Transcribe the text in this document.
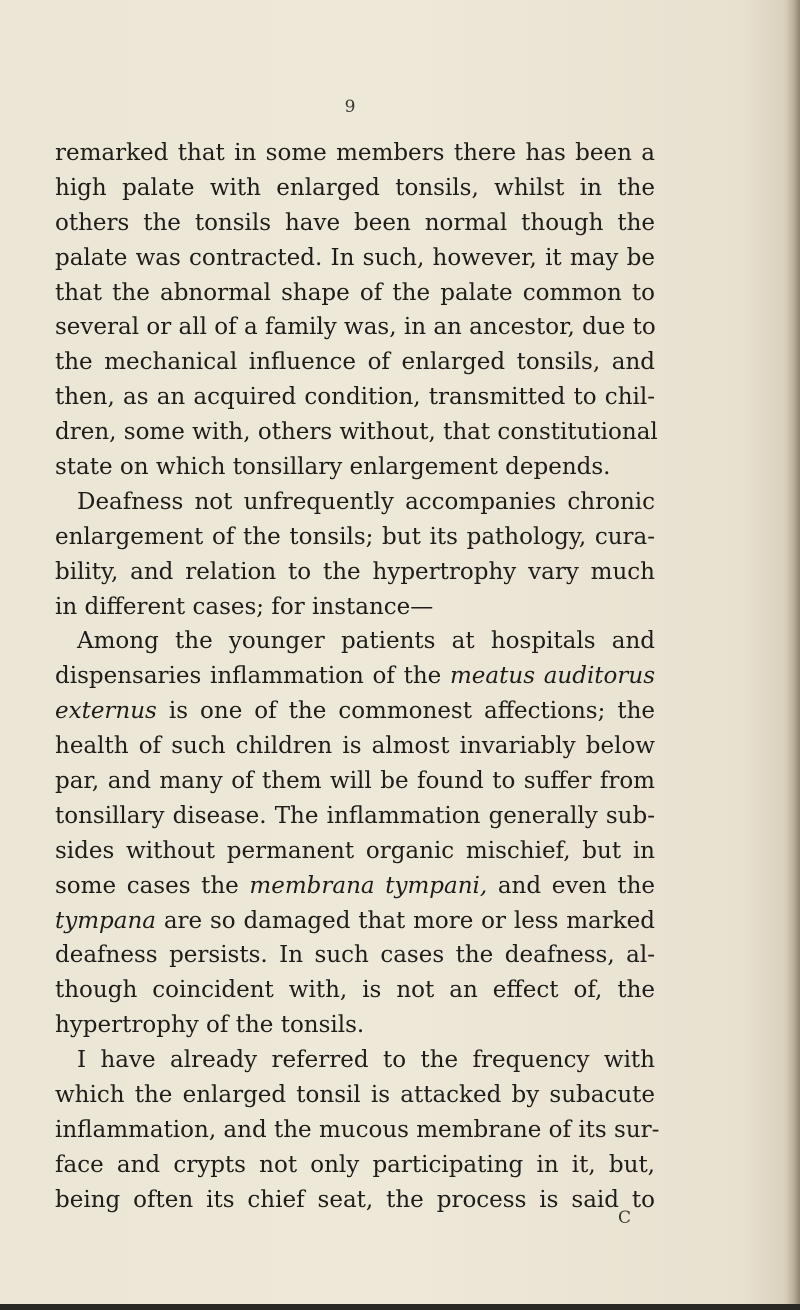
9
remarked that in some members there has been a
high palate with enlarged tonsils, whilst in the
others the tonsils have been normal though the
palate was contracted. In such, however, it may be
that the abnormal shape of the palate common to
several or all of a family was, in an ancestor, due to
the mechanical influence of enlarged tonsils, and
then, as an acquired condition, transmitted to chil-
dren, some with, others without, that constitutional
state on which tonsillary enlargement depends.
Deafness not unfrequently accompanies chronic
enlargement of the tonsils; but its pathology, cura-
bility, and relation to the hypertrophy vary much
in different cases; for instance—
Among the younger patients at hospitals and
dispensaries inflammation of the meatus auditorus
externus is one of the commonest affections; the
health of such children is almost invariably below
par, and many of them will be found to suffer from
tonsillary disease. The inflammation generally sub-
sides without permanent organic mischief, but in
some cases the membrana tympani, and even the
tympana are so damaged that more or less marked
deafness persists. In such cases the deafness, al-
though coincident with, is not an effect of, the
hypertrophy of the tonsils.
I have already referred to the frequency with
which the enlarged tonsil is attacked by subacute
inflammation, and the mucous membrane of its sur-
face and crypts not only participating in it, but,
being often its chief seat, the process is said to
C
